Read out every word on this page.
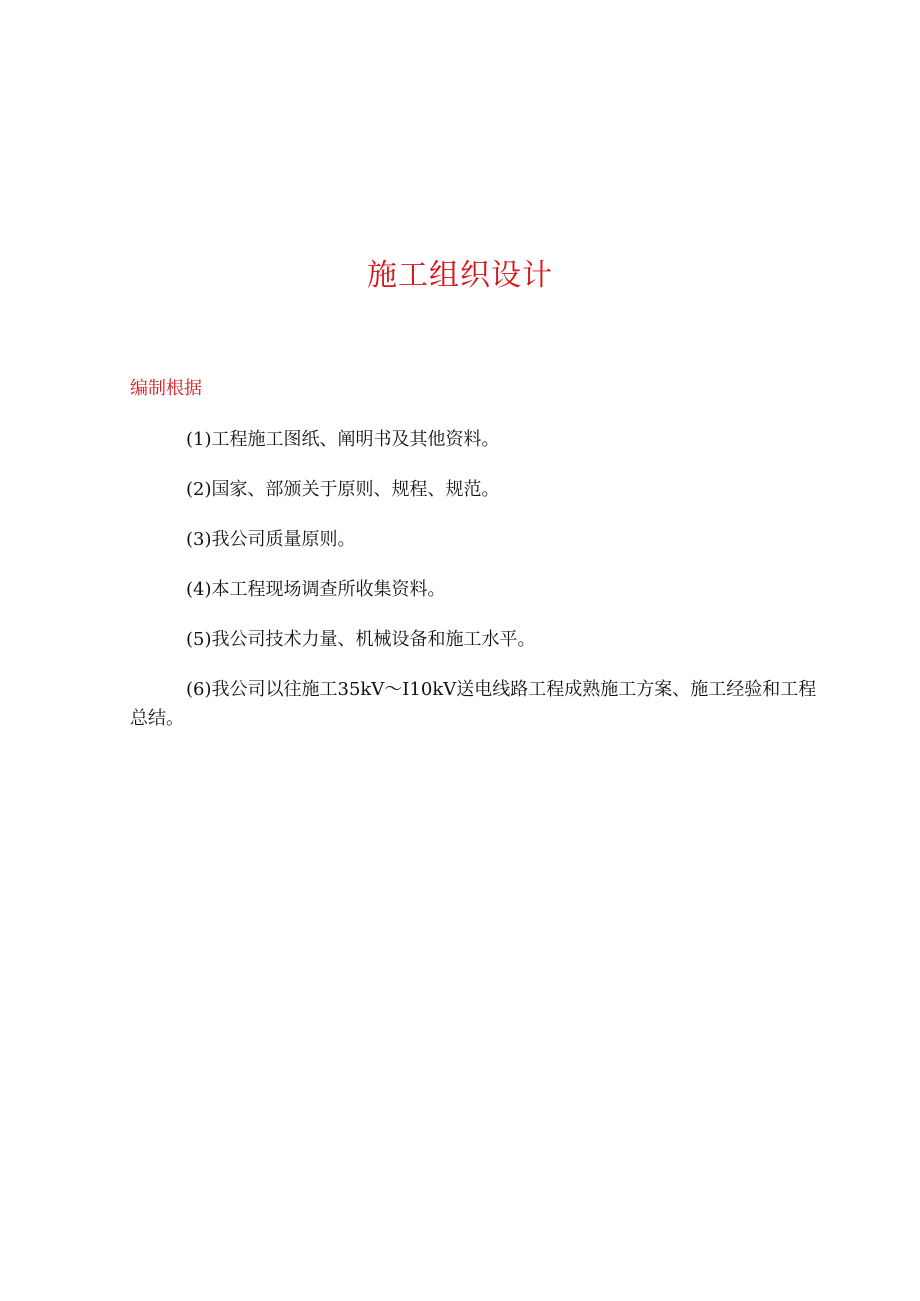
施工组织设计
编制根据
(1)工程施工图纸、阐明书及其他资料。
(2)国家、部颁关于原则、规程、规范。
(3)我公司质量原则。
(4)本工程现场调查所收集资料。
(5)我公司技术力量、机械设备和施工水平。
(6)我公司以往施工35kV～I10kV送电线路工程成熟施工方案、施工经验和工程总结。
